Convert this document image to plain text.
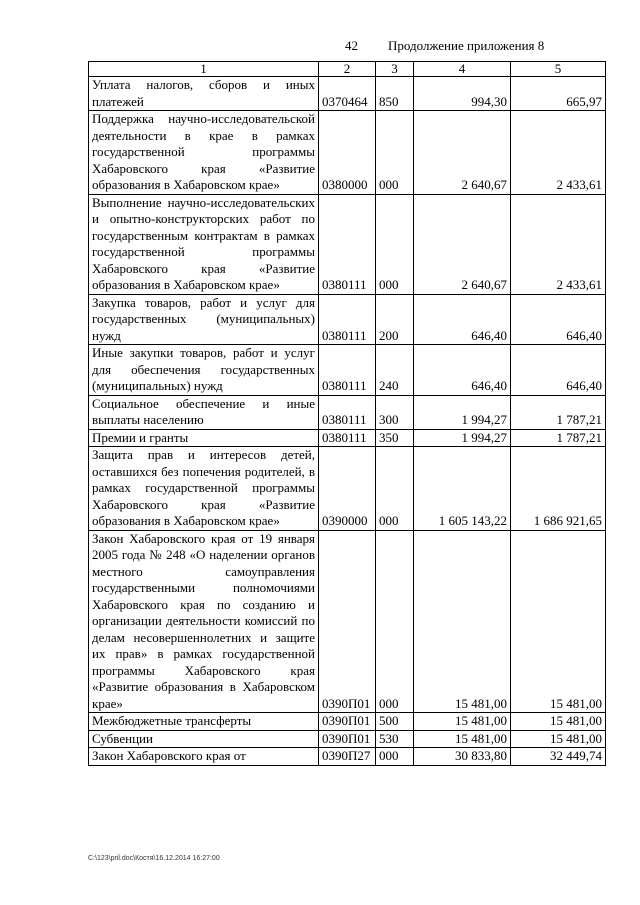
42 Продолжение приложения 8
1	2	3	4	5
Уплата налогов, сборов и иных платежей	0370464	850	994,30	665,97
Поддержка научно-исследовательской деятельности в крае в рамках государственной программы Хабаровского края «Развитие образования в Хабаровском крае»	0380000	000	2 640,67	2 433,61
Выполнение научно-исследовательских и опытно-конструкторских работ по государственным контрактам в рамках государственной программы Хабаровского края «Развитие образования в Хабаровском крае»	0380111	000	2 640,67	2 433,61
Закупка товаров, работ и услуг для государственных (муниципальных) нужд	0380111	200	646,40	646,40
Иные закупки товаров, работ и услуг для обеспечения государственных (муниципальных) нужд	0380111	240	646,40	646,40
Социальное обеспечение и иные выплаты населению	0380111	300	1 994,27	1 787,21
Премии и гранты	0380111	350	1 994,27	1 787,21
Защита прав и интересов детей, оставшихся без попечения родителей, в рамках государственной программы Хабаровского края «Развитие образования в Хабаровском крае»	0390000	000	1 605 143,22	1 686 921,65
Закон Хабаровского края от 19 января 2005 года № 248 «О наделении органов местного самоуправления государственными полномочиями Хабаровского края по созданию и организации деятельности комиссий по делам несовершеннолетних и защите их прав» в рамках государственной программы Хабаровского края «Развитие образования в Хабаровском крае»	0390П01	000	15 481,00	15 481,00
Межбюджетные трансферты	0390П01	500	15 481,00	15 481,00
Субвенции	0390П01	530	15 481,00	15 481,00
Закон Хабаровского края от	0390П27	000	30 833,80	32 449,74
C:\123\pril.doc\Костя\16.12.2014 16:27:00
